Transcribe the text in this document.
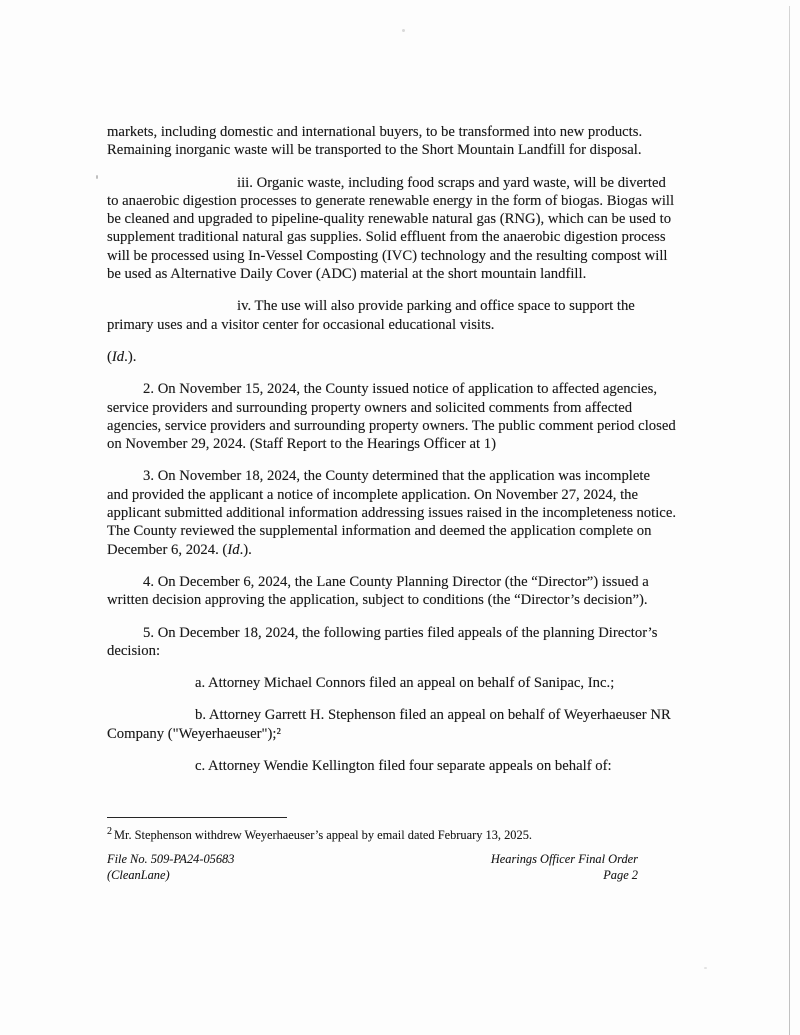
markets, including domestic and international buyers, to be transformed into new products.
Remaining inorganic waste will be transported to the Short Mountain Landfill for disposal.
iii. Organic waste, including food scraps and yard waste, will be diverted
to anaerobic digestion processes to generate renewable energy in the form of biogas. Biogas will
be cleaned and upgraded to pipeline-quality renewable natural gas (RNG), which can be used to
supplement traditional natural gas supplies. Solid effluent from the anaerobic digestion process
will be processed using In-Vessel Composting (IVC) technology and the resulting compost will
be used as Alternative Daily Cover (ADC) material at the short mountain landfill.
iv. The use will also provide parking and office space to support the
primary uses and a visitor center for occasional educational visits.
(Id.).
2. On November 15, 2024, the County issued notice of application to affected agencies,
service providers and surrounding property owners and solicited comments from affected
agencies, service providers and surrounding property owners. The public comment period closed
on November 29, 2024. (Staff Report to the Hearings Officer at 1)
3. On November 18, 2024, the County determined that the application was incomplete
and provided the applicant a notice of incomplete application. On November 27, 2024, the
applicant submitted additional information addressing issues raised in the incompleteness notice.
The County reviewed the supplemental information and deemed the application complete on
December 6, 2024. (Id.).
4. On December 6, 2024, the Lane County Planning Director (the “Director”) issued a
written decision approving the application, subject to conditions (the “Director’s decision”).
5. On December 18, 2024, the following parties filed appeals of the planning Director’s
decision:
a. Attorney Michael Connors filed an appeal on behalf of Sanipac, Inc.;
b. Attorney Garrett H. Stephenson filed an appeal on behalf of Weyerhaeuser NR
Company ("Weyerhaeuser");²
c. Attorney Wendie Kellington filed four separate appeals on behalf of:
$^2$ Mr. Stephenson withdrew Weyerhaeuser’s appeal by email dated February 13, 2025.
File No. 509-PA24-05683
(CleanLane)
Hearings Officer Final Order
Page 2
